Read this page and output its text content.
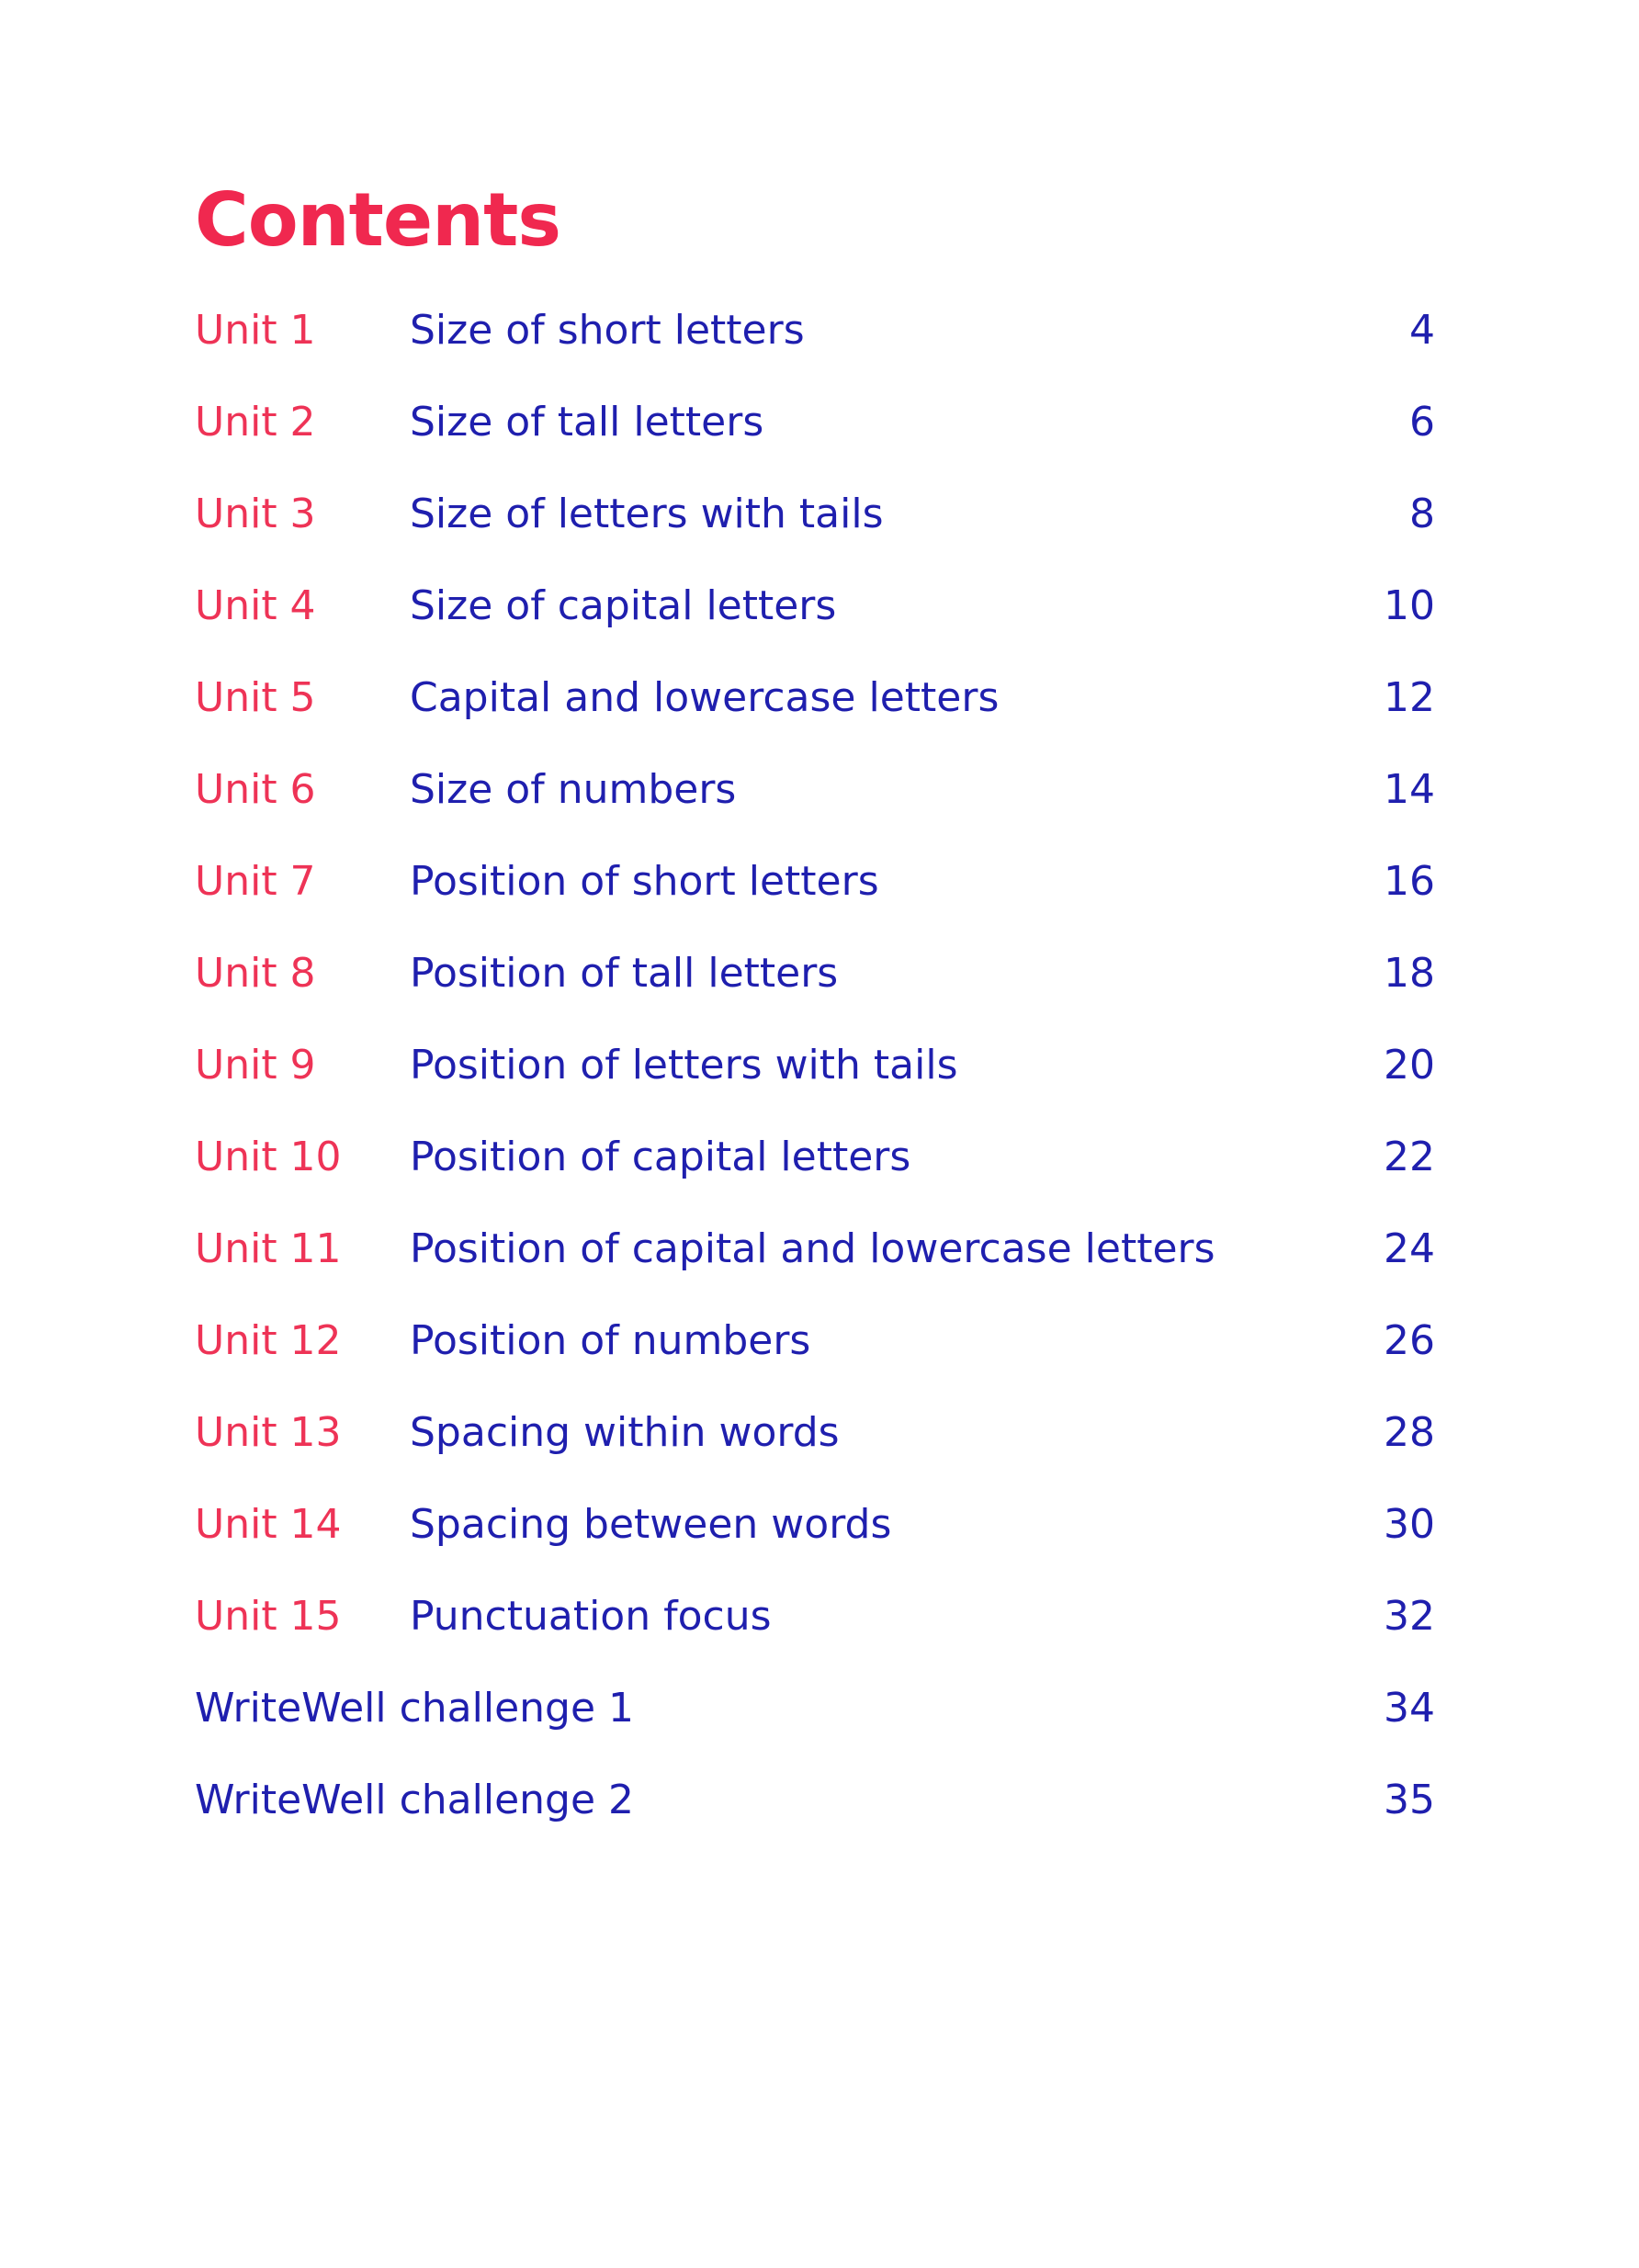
Contents
Unit 1 Size of short letters	4
Unit 2 Size of tall letters	6
Unit 3 Size of letters with tails	8
Unit 4 Size of capital letters	10
Unit 5 Capital and lowercase letters	12
Unit 6 Size of numbers	14
Unit 7 Position of short letters	16
Unit 8 Position of tall letters	18
Unit 9 Position of letters with tails	20
Unit 10 Position of capital letters	22
Unit 11 Position of capital and lowercase letters	24
Unit 12 Position of numbers	26
Unit 13 Spacing within words	28
Unit 14 Spacing between words	30
Unit 15 Punctuation focus	32
WriteWell challenge 1	34
WriteWell challenge 2	35
